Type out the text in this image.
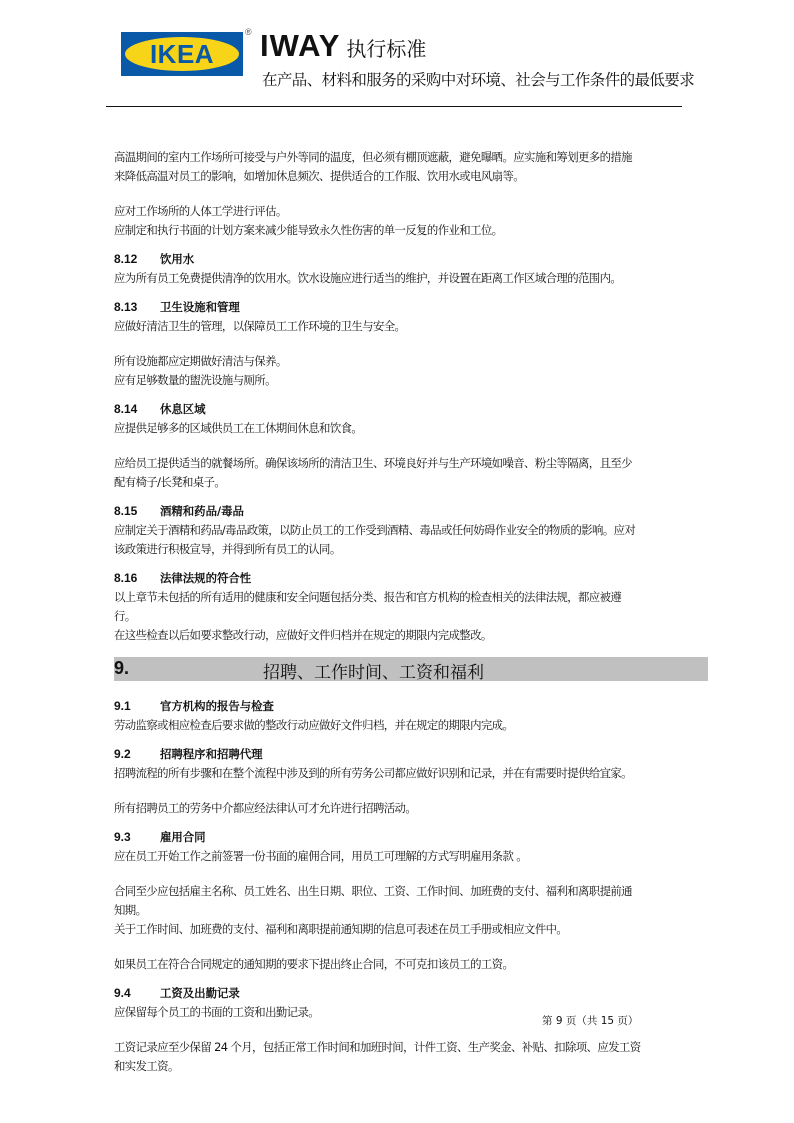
IKEA
® IWAY 执行标准
在产品、材料和服务的采购中对环境、社会与工作条件的最低要求
高温期间的室内工作场所可接受与户外等同的温度，但必须有棚顶遮蔽，避免曝晒。应实施和筹划更多的措施
来降低高温对员工的影响，如增加休息频次、提供适合的工作服、饮用水或电风扇等。
应对工作场所的人体工学进行评估。
应制定和执行书面的计划方案来减少能导致永久性伤害的单一反复的作业和工位。
8.12 饮用水
应为所有员工免费提供清净的饮用水。饮水设施应进行适当的维护，并设置在距离工作区域合理的范围内。
8.13 卫生设施和管理
应做好清洁卫生的管理，以保障员工工作环境的卫生与安全。
所有设施都应定期做好清洁与保养。
应有足够数量的盥洗设施与厕所。
8.14 休息区域
应提供足够多的区域供员工在工休期间休息和饮食。
应给员工提供适当的就餐场所。确保该场所的清洁卫生、环境良好并与生产环境如噪音、粉尘等隔离，且至少
配有椅子/长凳和桌子。
8.15 酒精和药品/毒品
应制定关于酒精和药品/毒品政策，以防止员工的工作受到酒精、毒品或任何妨碍作业安全的物质的影响。应对
该政策进行积极宣导，并得到所有员工的认同。
8.16 法律法规的符合性
以上章节未包括的所有适用的健康和安全问题包括分类、报告和官方机构的检查相关的法律法规，都应被遵
行。
在这些检查以后如要求整改行动，应做好文件归档并在规定的期限内完成整改。
9.	招聘、工作时间、工资和福利
9.1	官方机构的报告与检查
劳动监察或相应检查后要求做的整改行动应做好文件归档，并在规定的期限内完成。
9.2	招聘程序和招聘代理
招聘流程的所有步骤和在整个流程中涉及到的所有劳务公司都应做好识别和记录，并在有需要时提供给宜家。
所有招聘员工的劳务中介都应经法律认可才允许进行招聘活动。
9.3	雇用合同
应在员工开始工作之前签署一份书面的雇佣合同，用员工可理解的方式写明雇用条款 。
合同至少应包括雇主名称、员工姓名、出生日期、职位、工资、工作时间、加班费的支付、福利和离职提前通
知期。
关于工作时间、加班费的支付、福利和离职提前通知期的信息可表述在员工手册或相应文件中。
如果员工在符合合同规定的通知期的要求下提出终止合同，不可克扣该员工的工资。
9.4	工资及出勤记录
应保留每个员工的书面的工资和出勤记录。
工资记录应至少保留 24 个月，包括正常工作时间和加班时间，计件工资、生产奖金、补贴、扣除项、应发工资
和实发工资。
第 9 页（共 15 页）
